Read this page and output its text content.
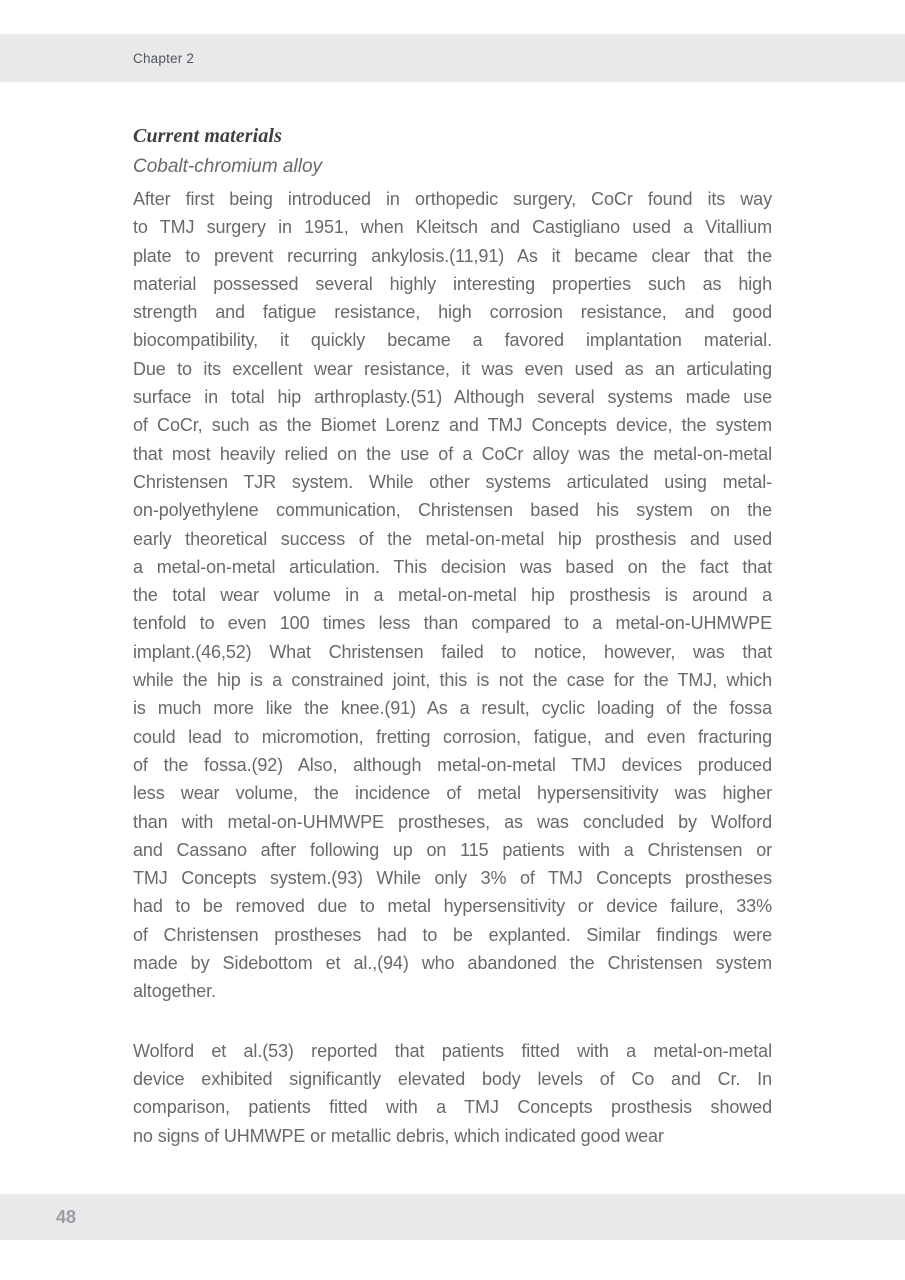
Chapter 2
Current materials
Cobalt-chromium alloy
After first being introduced in orthopedic surgery, CoCr found its way
to TMJ surgery in 1951, when Kleitsch and Castigliano used a Vitallium
plate to prevent recurring ankylosis.(11,91) As it became clear that the
material possessed several highly interesting properties such as high
strength and fatigue resistance, high corrosion resistance, and good
biocompatibility, it quickly became a favored implantation material.
Due to its excellent wear resistance, it was even used as an articulating
surface in total hip arthroplasty.(51) Although several systems made use
of CoCr, such as the Biomet Lorenz and TMJ Concepts device, the system
that most heavily relied on the use of a CoCr alloy was the metal-on-metal
Christensen TJR system. While other systems articulated using metal-
on-polyethylene communication, Christensen based his system on the
early theoretical success of the metal-on-metal hip prosthesis and used
a metal-on-metal articulation. This decision was based on the fact that
the total wear volume in a metal-on-metal hip prosthesis is around a
tenfold to even 100 times less than compared to a metal-on-UHMWPE
implant.(46,52) What Christensen failed to notice, however, was that
while the hip is a constrained joint, this is not the case for the TMJ, which
is much more like the knee.(91) As a result, cyclic loading of the fossa
could lead to micromotion, fretting corrosion, fatigue, and even fracturing
of the fossa.(92) Also, although metal-on-metal TMJ devices produced
less wear volume, the incidence of metal hypersensitivity was higher
than with metal-on-UHMWPE prostheses, as was concluded by Wolford
and Cassano after following up on 115 patients with a Christensen or
TMJ Concepts system.(93) While only 3% of TMJ Concepts prostheses
had to be removed due to metal hypersensitivity or device failure, 33%
of Christensen prostheses had to be explanted. Similar findings were
made by Sidebottom et al.,(94) who abandoned the Christensen system
altogether.
Wolford et al.(53) reported that patients fitted with a metal-on-metal
device exhibited significantly elevated body levels of Co and Cr. In
comparison, patients fitted with a TMJ Concepts prosthesis showed
no signs of UHMWPE or metallic debris, which indicated good wear
48
